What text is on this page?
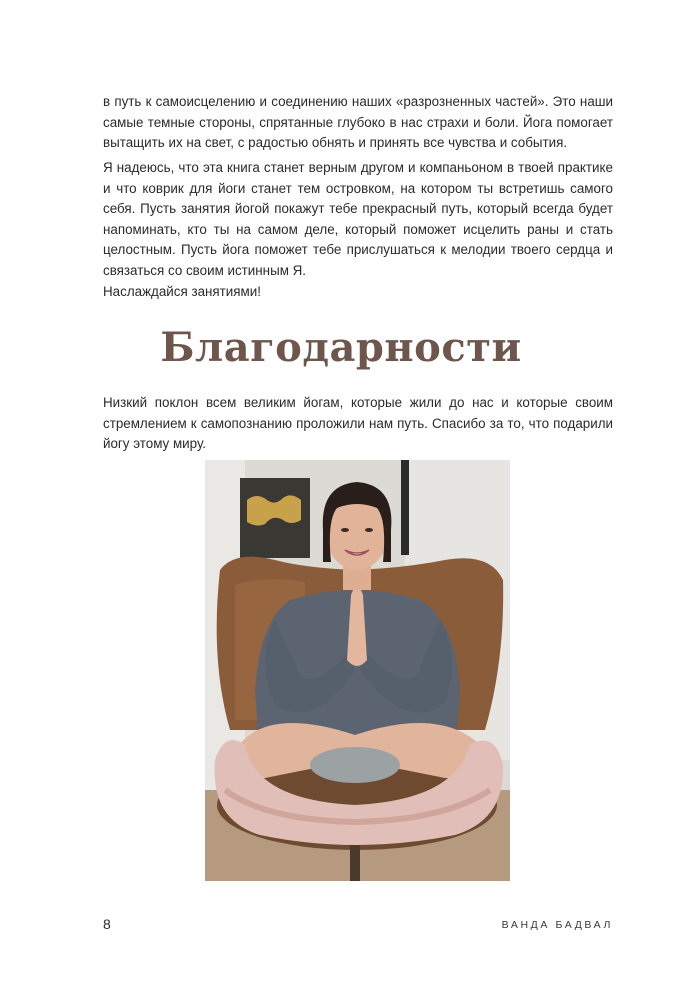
в путь к самоисцелению и соединению наших «разрозненных частей». Это наши самые темные стороны, спрятанные глубоко в нас страхи и боли. Йога помогает вытащить их на свет, с радостью обнять и принять все чувства и события.

Я надеюсь, что эта книга станет верным другом и компаньоном в твоей практике и что коврик для йоги станет тем островком, на котором ты встретишь самого себя. Пусть занятия йогой покажут тебе прекрасный путь, который всегда будет напоминать, кто ты на самом деле, который поможет исцелить раны и стать целостным. Пусть йога поможет тебе прислушаться к мелодии твоего сердца и связаться со своим истинным Я.

Наслаждайся занятиями!

Благодарности

Низкий поклон всем великим йогам, которые жили до нас и которые своим стремлением к самопознанию проложили нам путь. Спасибо за то, что подарили йогу этому миру.

8	ВАНДА БАДВАЛ
